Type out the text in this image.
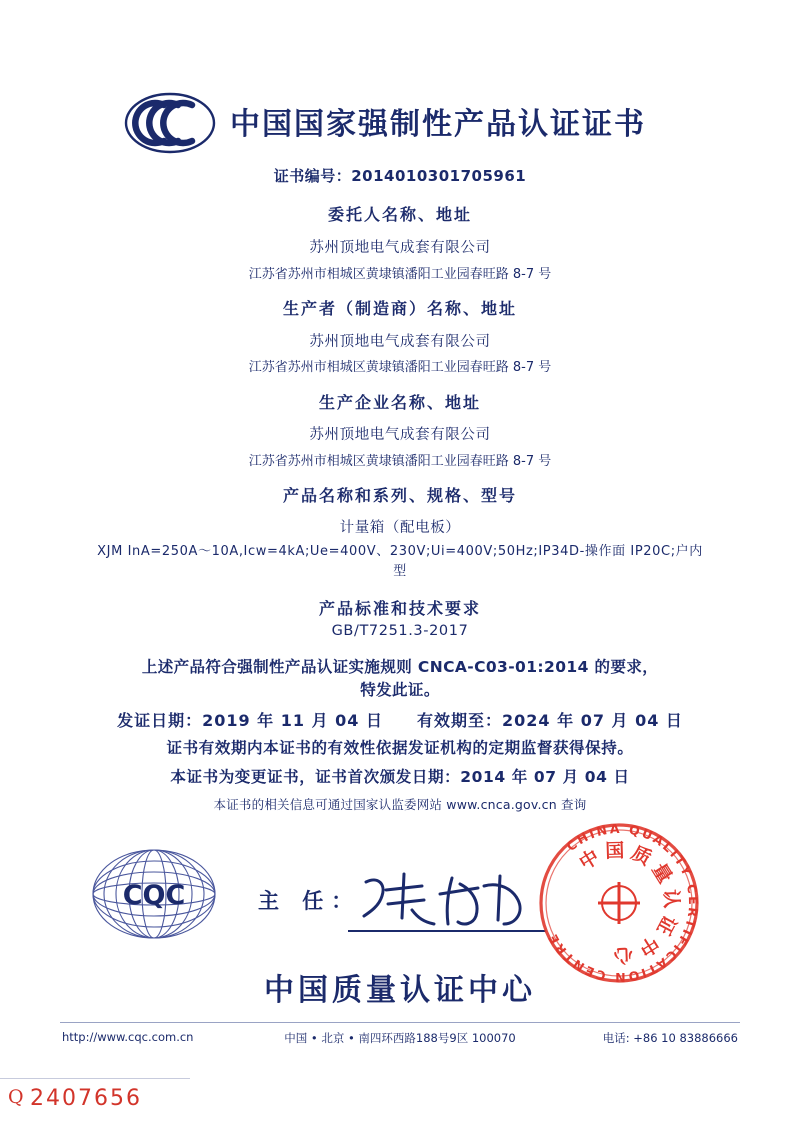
中国国家强制性产品认证证书
证书编号：2014010301705961
委托人名称、地址
苏州顶地电气成套有限公司
江苏省苏州市相城区黄埭镇潘阳工业园春旺路 8-7 号
生产者（制造商）名称、地址
苏州顶地电气成套有限公司
江苏省苏州市相城区黄埭镇潘阳工业园春旺路 8-7 号
生产企业名称、地址
苏州顶地电气成套有限公司
江苏省苏州市相城区黄埭镇潘阳工业园春旺路 8-7 号
产品名称和系列、规格、型号
计量箱（配电板）
XJM InA=250A～10A,Icw=4kA;Ue=400V、230V;Ui=400V;50Hz;IP34D-操作面 IP20C;户内
型
产品标准和技术要求
GB/T7251.3-2017
上述产品符合强制性产品认证实施规则 CNCA-C03-01:2014 的要求，
特发此证。
发证日期：2019 年 11 月 04 日 有效期至：2024 年 07 月 04 日
证书有效期内本证书的有效性依据发证机构的定期监督获得保持。
本证书为变更证书，证书首次颁发日期：2014 年 07 月 04 日
本证书的相关信息可通过国家认监委网站 www.cnca.gov.cn 查询
CQC	主 任：
CHINA QUALITY CERTIFICATION CENTRE
中国质量认证中心
中国质量认证中心
http://www.cqc.com.cn	中国 • 北京 • 南四环西路188号9区 100070	电话: +86 10 83886666
Q 2407656
